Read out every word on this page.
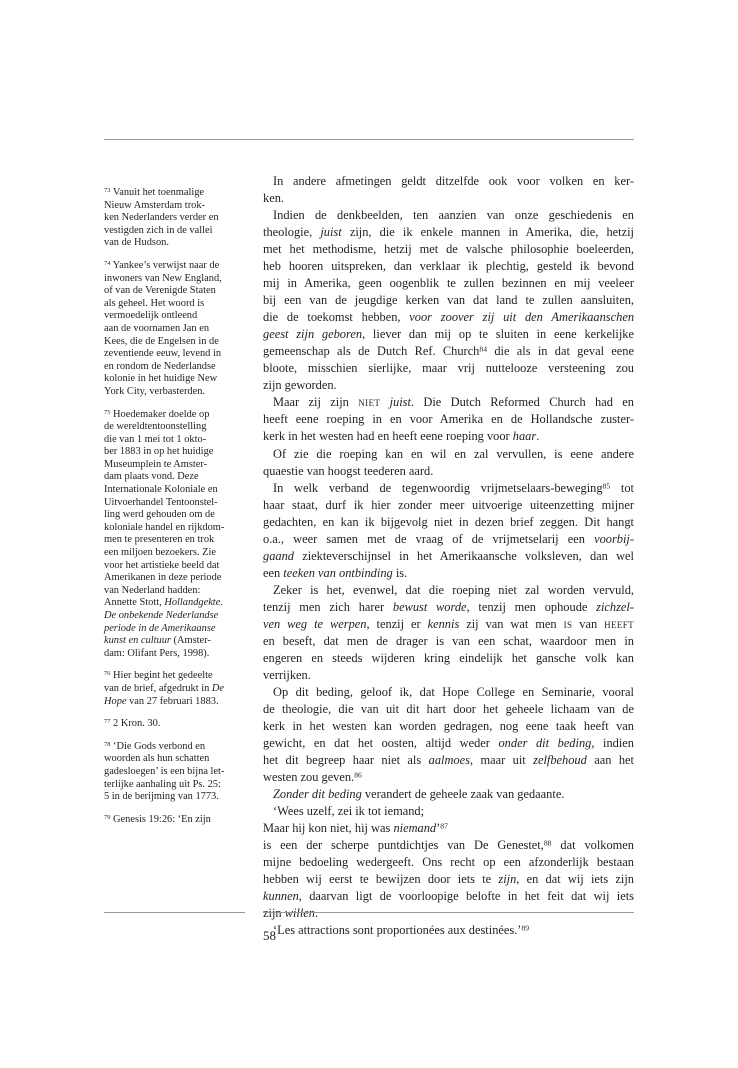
$^{73}$ Vanuit het toenmalige
Nieuw Amsterdam trok-
ken Nederlanders verder en
vestigden zich in de vallei
van de Hudson.
$^{74}$ Yankee’s verwijst naar de
inwoners van New England,
of van de Verenigde Staten
als geheel. Het woord is
vermoedelijk ontleend
aan de voornamen Jan en
Kees, die de Engelsen in de
zeventiende eeuw, levend in
en rondom de Nederlandse
kolonie in het huidige New
York City, verbasterden.
$^{75}$ Hoedemaker doelde op
de wereldtentoonstelling
die van 1 mei tot 1 okto-
ber 1883 in op het huidige
Museumplein te Amster-
dam plaats vond. Deze
Internationale Koloniale en
Uitvoerhandel Tentoonstel-
ling werd gehouden om de
koloniale handel en rijkdom-
men te presenteren en trok
een miljoen bezoekers. Zie
voor het artistieke beeld dat
Amerikanen in deze periode
van Nederland hadden:
Annette Stott, Hollandgekte.
De onbekende Nederlandse
periode in de Amerikaanse
kunst en cultuur (Amster-
dam: Olifant Pers, 1998).
$^{76}$ Hier begint het gedeelte
van de brief, afgedrukt in De
Hope van 27 februari 1883.
$^{77}$ 2 Kron. 30.
$^{78}$ ‘Die Gods verbond en
woorden als hun schatten
gadesloegen’ is een bijna let-
terlijke aanhaling uit Ps. 25:
5 in de berijming van 1773.
$^{79}$ Genesis 19:26: ‘En zijn
In andere afmetingen geldt ditzelfde ook voor volken en ker-
ken.
Indien de denkbeelden, ten aanzien van onze geschiedenis en
theologie, juist zijn, die ik enkele mannen in Amerika, die, hetzij
met het methodisme, hetzij met de valsche philosophie boeleerden,
heb hooren uitspreken, dan verklaar ik plechtig, gesteld ik bevond
mij in Amerika, geen oogenblik te zullen bezinnen en mij veeleer
bij een van de jeugdige kerken van dat land te zullen aansluiten,
die de toekomst hebben, voor zoover zij uit den Amerikaanschen
geest zijn geboren, liever dan mij op te sluiten in eene kerkelijke
gemeenschap als de Dutch Ref. Church$^{84}$ die als in dat geval eene
bloote, misschien sierlijke, maar vrij nuttelooze versteening zou
zijn geworden.
Maar zij zijn niet juist. Die Dutch Reformed Church had en
heeft eene roeping in en voor Amerika en de Hollandsche zuster-
kerk in het westen had en heeft eene roeping voor haar.
Of zie die roeping kan en wil en zal vervullen, is eene andere
quaestie van hoogst teederen aard.
In welk verband de tegenwoordig vrijmetselaars-beweging$^{85}$ tot
haar staat, durf ik hier zonder meer uitvoerige uiteenzetting mijner
gedachten, en kan ik bijgevolg niet in dezen brief zeggen. Dit hangt
o.a., weer samen met de vraag of de vrijmetselarij een voorbij-
gaand ziekteverschijnsel in het Amerikaansche volksleven, dan wel
een teeken van ontbinding is.
Zeker is het, evenwel, dat die roeping niet zal worden vervuld,
tenzij men zich harer bewust worde, tenzij men ophoude zichzel-
ven weg te werpen, tenzij er kennis zij van wat men is van heeft
en beseft, dat men de drager is van een schat, waardoor men in
engeren en steeds wijderen kring eindelijk het gansche volk kan
verrijken.
Op dit beding, geloof ik, dat Hope College en Seminarie, vooral
de theologie, die van uit dit hart door het geheele lichaam van de
kerk in het westen kan worden gedragen, nog eene taak heeft van
gewicht, en dat het oosten, altijd weder onder dit beding, indien
het dit begreep haar niet als aalmoes, maar uit zelfbehoud aan het
westen zou geven.$^{86}$
Zonder dit beding verandert de geheele zaak van gedaante.
‘Wees uzelf, zei ik tot iemand;
Maar hij kon niet, hij was niemand’$^{87}$
is een der scherpe puntdichtjes van De Genestet,$^{88}$ dat volkomen
mijne bedoeling wedergeeft. Ons recht op een afzonderlijk bestaan
hebben wij eerst te bewijzen door iets te zijn, en dat wij iets zijn
kunnen, daarvan ligt de voorloopige belofte in het feit dat wij iets
zijn willen.
‘Les attractions sont proportionées aux destinées.’$^{89}$
58
